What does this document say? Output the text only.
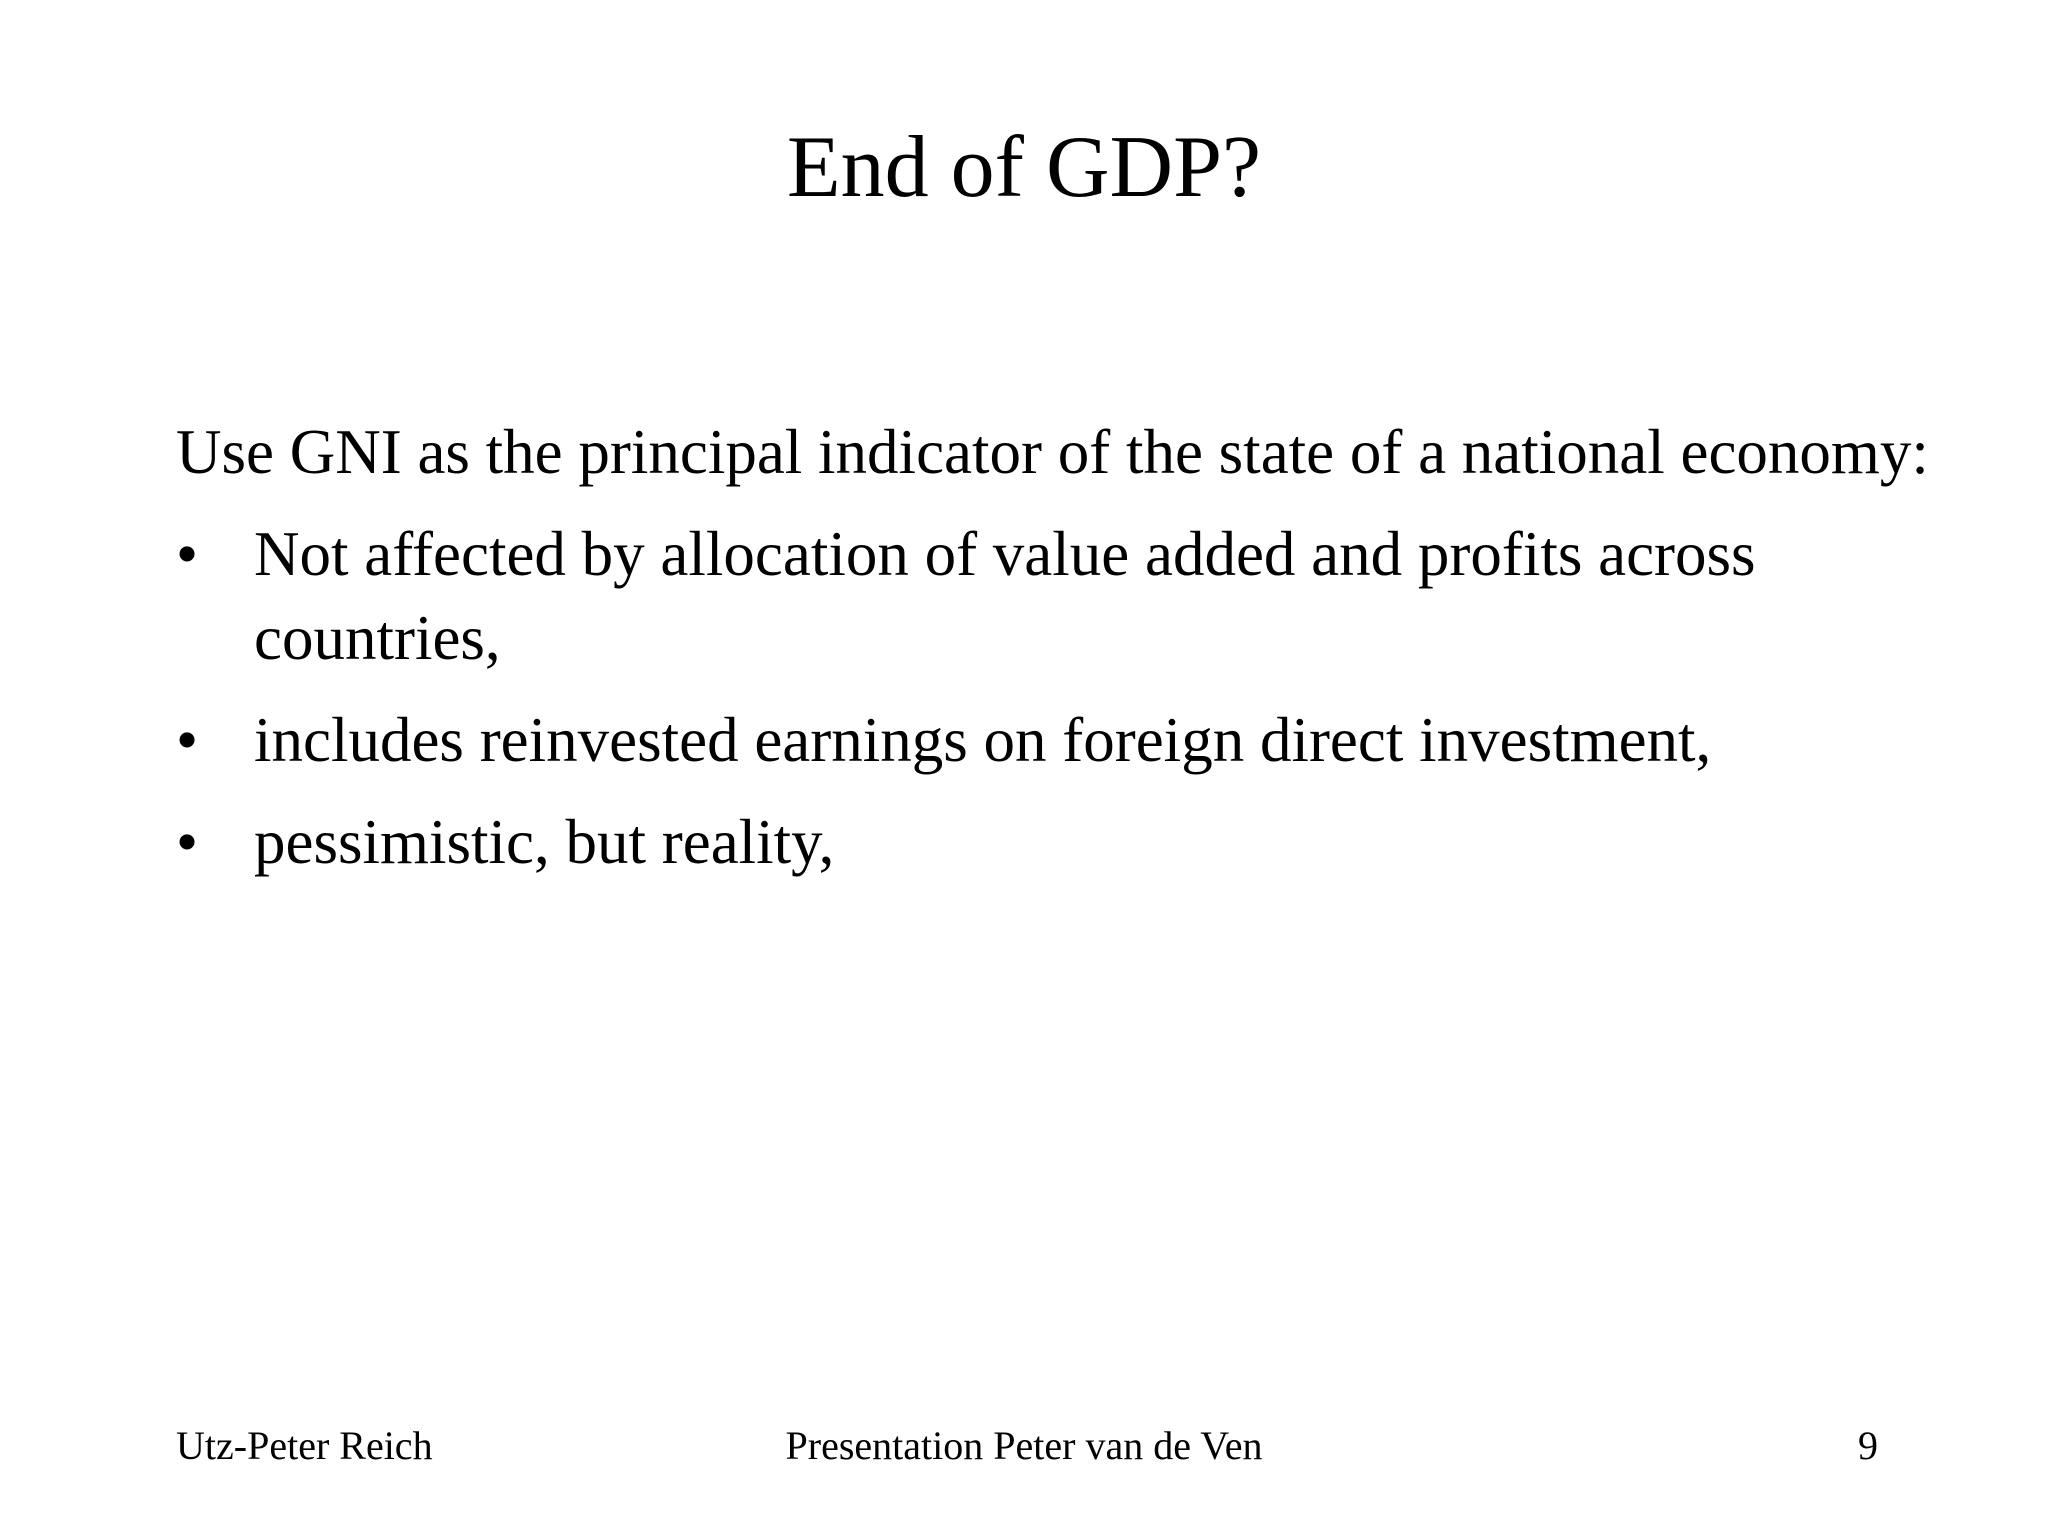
End of GDP?

Use GNI as the principal indicator of the state of a national economy:

• Not affected by allocation of value added and profits across countries,
• includes reinvested earnings on foreign direct investment,
• pessimistic, but reality,
Utz-Peter Reich	Presentation Peter van de Ven	9
